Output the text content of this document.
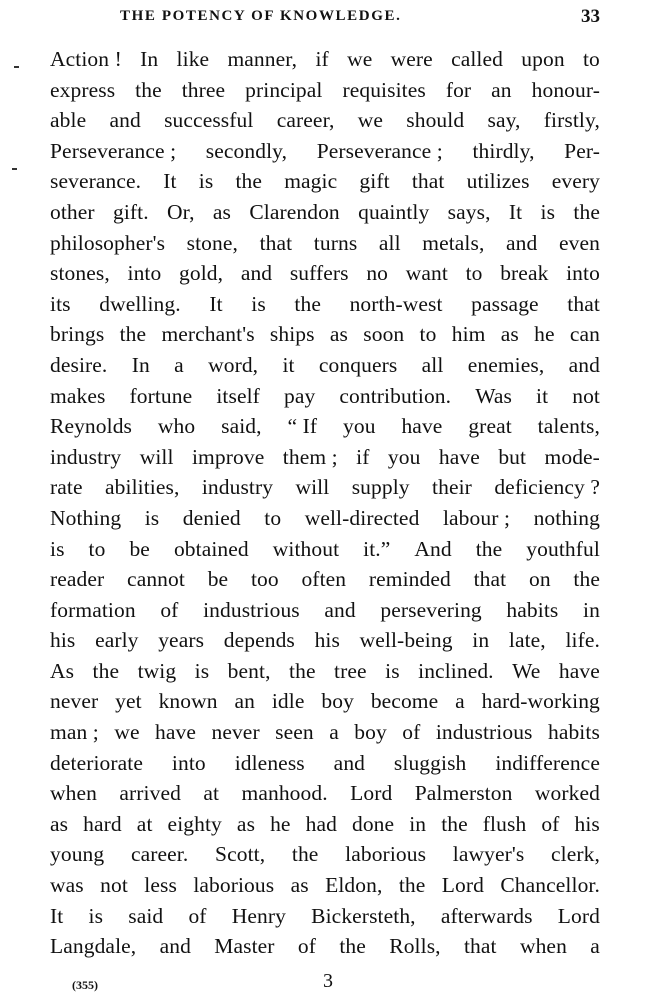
THE POTENCY OF KNOWLEDGE.	33
Action ! In like manner, if we were called upon to
express the three principal requisites for an honour-
able and successful career, we should say, firstly,
Perseverance ; secondly, Perseverance ; thirdly, Per-
severance. It is the magic gift that utilizes every
other gift. Or, as Clarendon quaintly says, It is the
philosopher's stone, that turns all metals, and even
stones, into gold, and suffers no want to break into
its dwelling. It is the north-west passage that
brings the merchant's ships as soon to him as he can
desire. In a word, it conquers all enemies, and
makes fortune itself pay contribution. Was it not
Reynolds who said, “ If you have great talents,
industry will improve them ; if you have but mode-
rate abilities, industry will supply their deficiency ?
Nothing is denied to well-directed labour ; nothing
is to be obtained without it.” And the youthful
reader cannot be too often reminded that on the
formation of industrious and persevering habits in
his early years depends his well-being in late, life.
As the twig is bent, the tree is inclined. We have
never yet known an idle boy become a hard-working
man ; we have never seen a boy of industrious habits
deteriorate into idleness and sluggish indifference
when arrived at manhood. Lord Palmerston worked
as hard at eighty as he had done in the flush of his
young career. Scott, the laborious lawyer's clerk,
was not less laborious as Eldon, the Lord Chancellor.
It is said of Henry Bickersteth, afterwards Lord
Langdale, and Master of the Rolls, that when a
(355)	3
